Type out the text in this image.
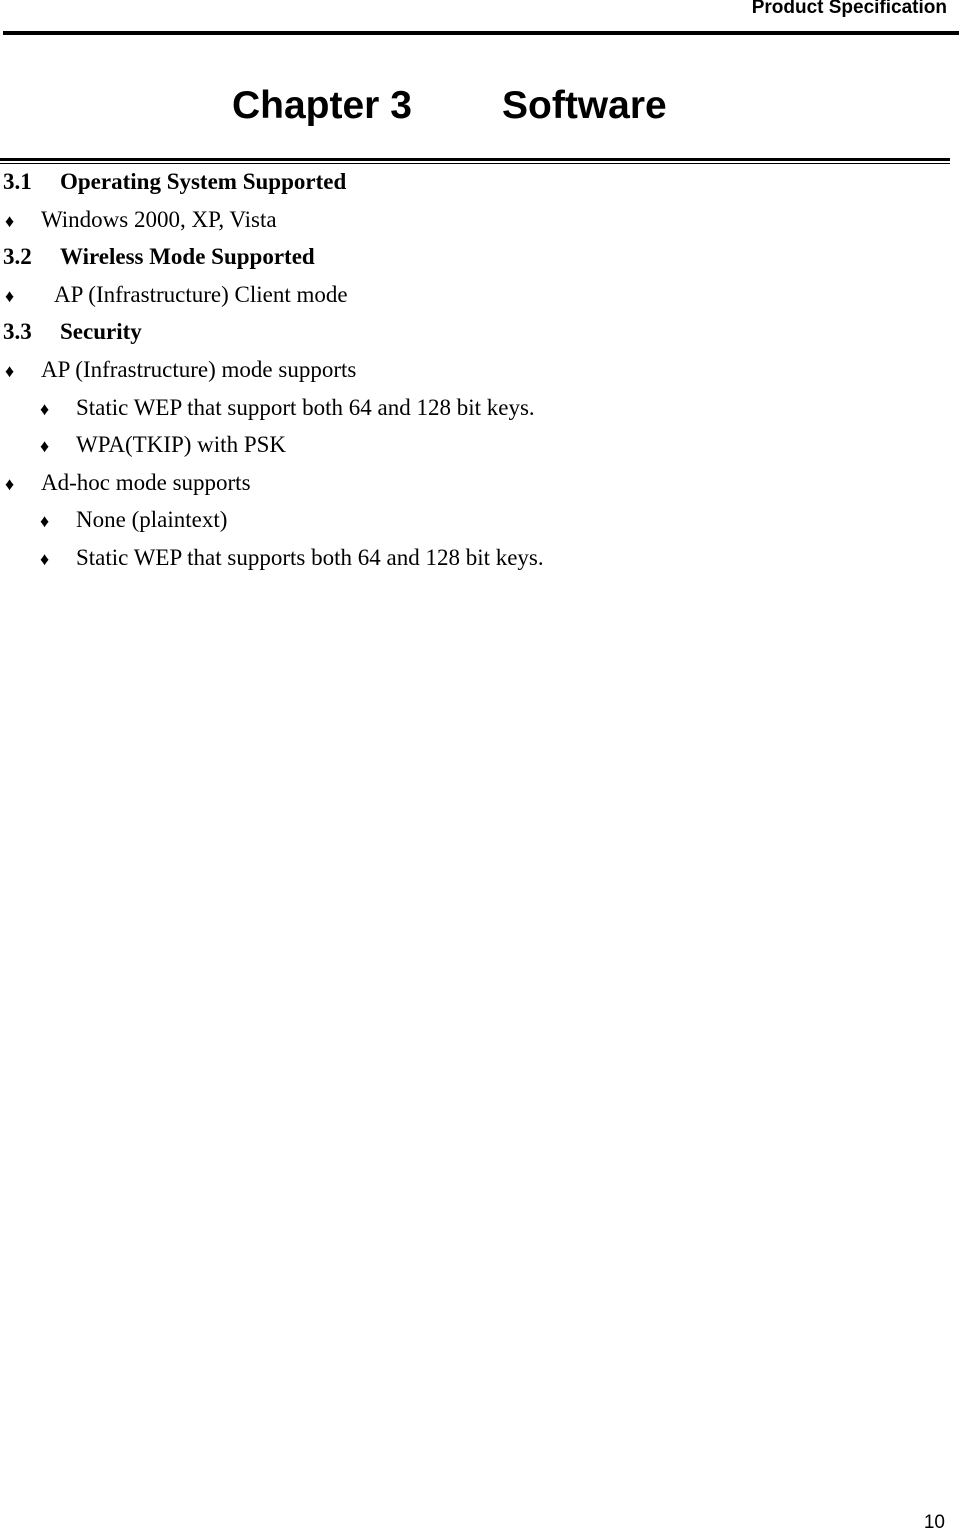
Product Specification
Chapter 3 Software
3.1 Operating System Supported
♦ Windows 2000, XP, Vista
3.2 Wireless Mode Supported
♦ AP (Infrastructure) Client mode
3.3 Security
♦ AP (Infrastructure) mode supports
♦ Static WEP that support both 64 and 128 bit keys.
♦ WPA(TKIP) with PSK
♦ Ad-hoc mode supports
♦ None (plaintext)
♦ Static WEP that supports both 64 and 128 bit keys.
10
